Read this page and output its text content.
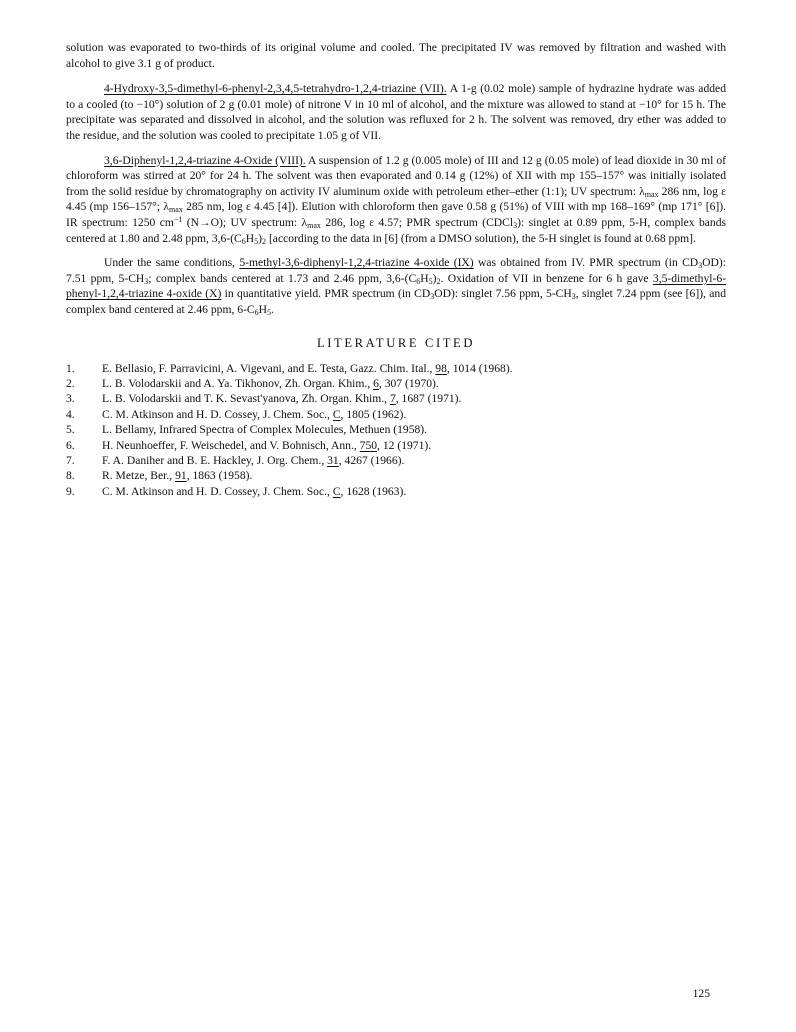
solution was evaporated to two-thirds of its original volume and cooled. The precipitated IV was removed by filtration and washed with alcohol to give 3.1 g of product.

4-Hydroxy-3,5-dimethyl-6-phenyl-2,3,4,5-tetrahydro-1,2,4-triazine (VII). A 1-g (0.02 mole) sample of hydrazine hydrate was added to a cooled (to −10°) solution of 2 g (0.01 mole) of nitrone V in 10 ml of alcohol, and the mixture was allowed to stand at −10° for 15 h. The precipitate was separated and dissolved in alcohol, and the solution was refluxed for 2 h. The solvent was removed, dry ether was added to the residue, and the solution was cooled to precipitate 1.05 g of VII.

3,6-Diphenyl-1,2,4-triazine 4-Oxide (VIII). A suspension of 1.2 g (0.005 mole) of III and 12 g (0.05 mole) of lead dioxide in 30 ml of chloroform was stirred at 20° for 24 h. The solvent was then evaporated and 0.14 g (12%) of XII with mp 155–157° was initially isolated from the solid residue by chromatography on activity IV aluminum oxide with petroleum ether–ether (1:1); UV spectrum: $\lambda_{max}$ 286 nm, log ε 4.45 (mp 156–157°; $\lambda_{max}$ 285 nm, log ε 4.45 [4]). Elution with chloroform then gave 0.58 g (51%) of VIII with mp 168–169° (mp 171° [6]). IR spectrum: 1250 $cm^{-1}$ (N→O); UV spectrum: $\lambda_{max}$ 286, log ε 4.57; PMR spectrum (CDCl$_3$): singlet at 0.89 ppm, 5-H, complex bands centered at 1.80 and 2.48 ppm, $3,6-(C_6H_5)_2$ [according to the data in [6] (from a DMSO solution), the 5-H singlet is found at 0.68 ppm].

Under the same conditions, 5-methyl-3,6-diphenyl-1,2,4-triazine 4-oxide (IX) was obtained from IV. PMR spectrum (in $CD_3OD$): 7.51 ppm, $5-CH_3$; complex bands centered at 1.73 and 2.46 ppm, $3,6-(C_6H_5)_2$. Oxidation of VII in benzene for 6 h gave 3,5-dimethyl-6-phenyl-1,2,4-triazine 4-oxide (X) in quantitative yield. PMR spectrum (in $CD_3OD$): singlet 7.56 ppm, $5-CH_3$, singlet 7.24 ppm (see [6]), and complex band centered at 2.46 ppm, $6-C_6H_5$.

LITERATURE CITED
1.	E. Bellasio, F. Parravicini, A. Vigevani, and E. Testa, Gazz. Chim. Ital., 98, 1014 (1968).
2.	L. B. Volodarskii and A. Ya. Tikhonov, Zh. Organ. Khim., 6, 307 (1970).
3.	L. B. Volodarskii and T. K. Sevast'yanova, Zh. Organ. Khim., 7, 1687 (1971).
4.	C. M. Atkinson and H. D. Cossey, J. Chem. Soc., C, 1805 (1962).
5.	L. Bellamy, Infrared Spectra of Complex Molecules, Methuen (1958).
6.	H. Neunhoeffer, F. Weischedel, and V. Bohnisch, Ann., 750, 12 (1971).
7.	F. A. Daniher and B. E. Hackley, J. Org. Chem., 31, 4267 (1966).
8.	R. Metze, Ber., 91, 1863 (1958).
9.	C. M. Atkinson and H. D. Cossey, J. Chem. Soc., C, 1628 (1963).
125
